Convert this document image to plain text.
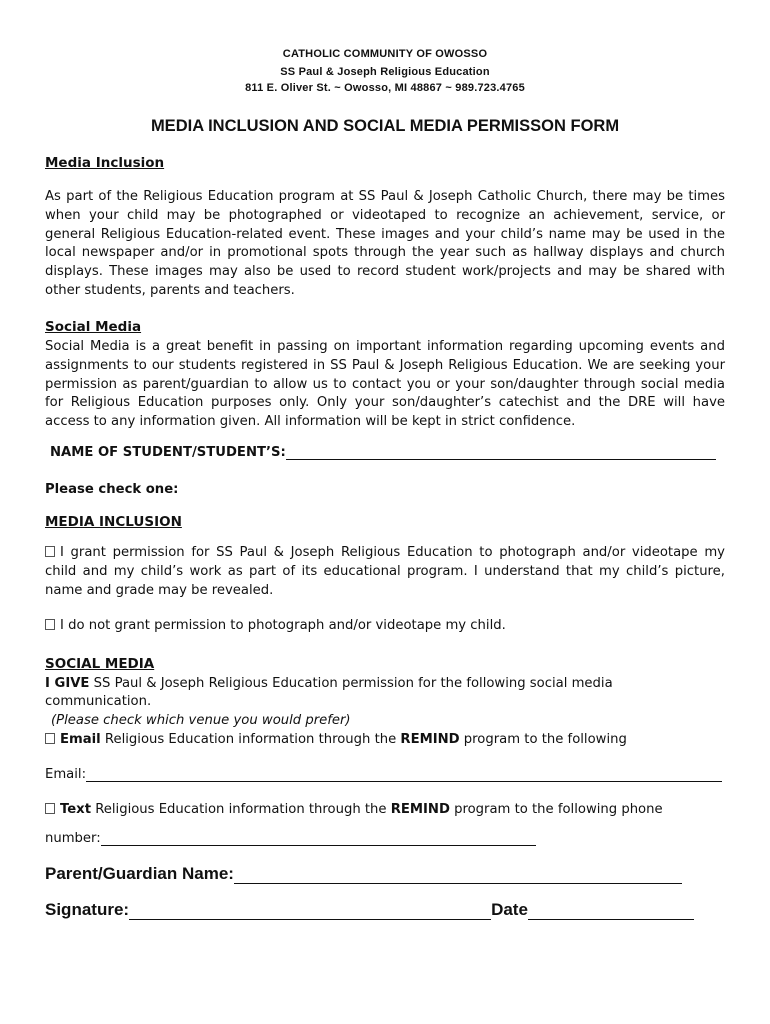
CATHOLIC COMMUNITY OF OWOSSO
SS Paul & Joseph Religious Education
811 E. Oliver St. ~ Owosso, MI 48867 ~ 989.723.4765
MEDIA INCLUSION AND SOCIAL MEDIA PERMISSON FORM
Media Inclusion
As part of the Religious Education program at SS Paul & Joseph Catholic Church, there may be times
when your child may be photographed or videotaped to recognize an achievement, service, or
general Religious Education-related event. These images and your child’s name may be used in the
local newspaper and/or in promotional spots through the year such as hallway displays and church
displays. These images may also be used to record student work/projects and may be shared with
other students, parents and teachers.
Social Media
Social Media is a great benefit in passing on important information regarding upcoming events and
assignments to our students registered in SS Paul & Joseph Religious Education. We are seeking your
permission as parent/guardian to allow us to contact you or your son/daughter through social media
for Religious Education purposes only. Only your son/daughter’s catechist and the DRE will have
access to any information given. All information will be kept in strict confidence.
NAME OF STUDENT/STUDENT’S:
Please check one:
MEDIA INCLUSION
I grant permission for SS Paul & Joseph Religious Education to photograph and/or videotape my
child and my child’s work as part of its educational program. I understand that my child’s picture,
name and grade may be revealed.
I do not grant permission to photograph and/or videotape my child.
SOCIAL MEDIA
I GIVE SS Paul & Joseph Religious Education permission for the following social media
communication.
(Please check which venue you would prefer)
Email Religious Education information through the REMIND program to the following
Email:
Text Religious Education information through the REMIND program to the following phone
number:
Parent/Guardian Name:
Signature:	Date
